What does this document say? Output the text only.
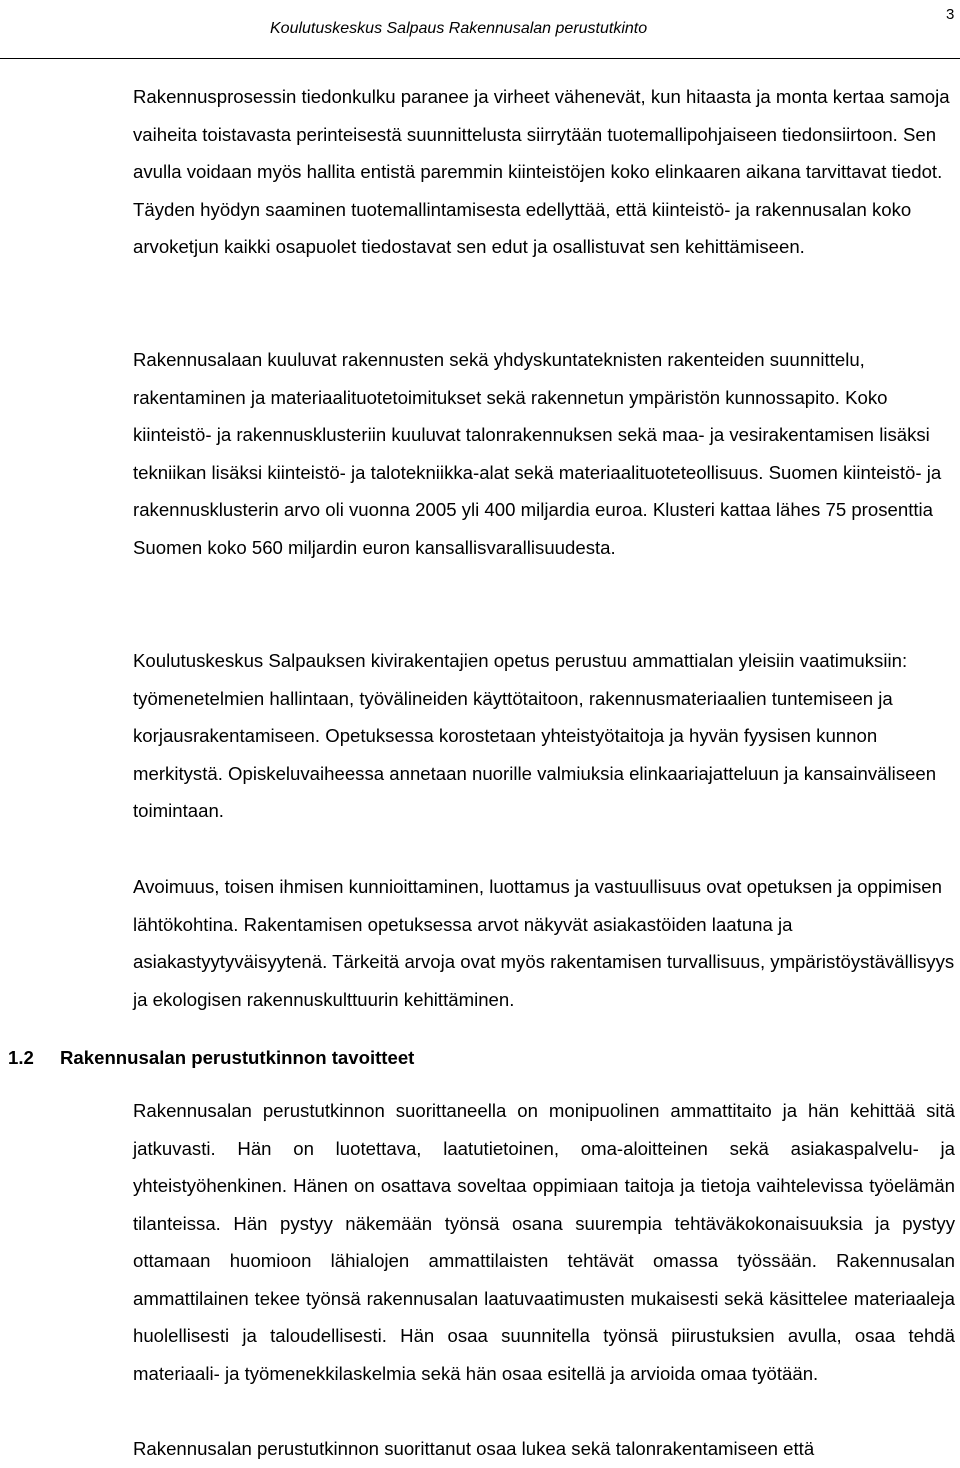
Koulutuskeskus Salpaus Rakennusalan perustutkinto
3

Rakennusprosessin tiedonkulku paranee ja virheet vähenevät, kun hitaasta ja monta kertaa samoja vaiheita toistavasta perinteisestä suunnittelusta siirrytään tuotemallipohjaiseen tiedonsiirtoon. Sen avulla voidaan myös hallita entistä paremmin kiinteistöjen koko elinkaaren aikana tarvittavat tiedot. Täyden hyödyn saaminen tuotemallintamisesta edellyttää, että kiinteistö- ja rakennusalan koko arvoketjun kaikki osapuolet tiedostavat sen edut ja osallistuvat sen kehittämiseen.

Rakennusalaan kuuluvat rakennusten sekä yhdyskuntateknisten rakenteiden suunnittelu, rakentaminen ja materiaalituotetoimitukset sekä rakennetun ympäristön kunnossapito. Koko kiinteistö- ja rakennusklusteriin kuuluvat talonrakennuksen sekä maa- ja vesirakentamisen lisäksi tekniikan lisäksi kiinteistö- ja talotekniikka-alat sekä materiaalituoteteollisuus. Suomen kiinteistö- ja rakennusklusterin arvo oli vuonna 2005 yli 400 miljardia euroa. Klusteri kattaa lähes 75 prosenttia Suomen koko 560 miljardin euron kansallisvarallisuudesta.

Koulutuskeskus Salpauksen kivirakentajien opetus perustuu ammattialan yleisiin vaatimuksiin: työmenetelmien hallintaan, työvälineiden käyttötaitoon, rakennusmateriaalien tuntemiseen ja korjausrakentamiseen. Opetuksessa korostetaan yhteistyötaitoja ja hyvän fyysisen kunnon merkitystä. Opiskeluvaiheessa annetaan nuorille valmiuksia elinkaariajatteluun ja kansainväliseen toimintaan.

Avoimuus, toisen ihmisen kunnioittaminen, luottamus ja vastuullisuus ovat opetuksen ja oppimisen lähtökohtina. Rakentamisen opetuksessa arvot näkyvät asiakastöiden laatuna ja asiakastyytyväisyytenä. Tärkeitä arvoja ovat myös rakentamisen turvallisuus, ympäristöystävällisyys ja ekologisen rakennuskulttuurin kehittäminen.

1.2 Rakennusalan perustutkinnon tavoitteet

Rakennusalan perustutkinnon suorittaneella on monipuolinen ammattitaito ja hän kehittää sitä jatkuvasti. Hän on luotettava, laatutietoinen, oma-aloitteinen sekä asiakaspalvelu- ja yhteistyöhenkinen. Hänen on osattava soveltaa oppimiaan taitoja ja tietoja vaihtelevissa työelämän tilanteissa. Hän pystyy näkemään työnsä osana suurempia tehtäväkokonaisuuksia ja pystyy ottamaan huomioon lähialojen ammattilaisten tehtävät omassa työssään. Rakennusalan ammattilainen tekee työnsä rakennusalan laatuvaatimusten mukaisesti sekä käsittelee materiaaleja huolellisesti ja taloudellisesti. Hän osaa suunnitella työnsä piirustuksien avulla, osaa tehdä materiaali- ja työmenekkilaskelmia sekä hän osaa esitellä ja arvioida omaa työtään.

Rakennusalan perustutkinnon suorittanut osaa lukea sekä talonrakentamiseen että
